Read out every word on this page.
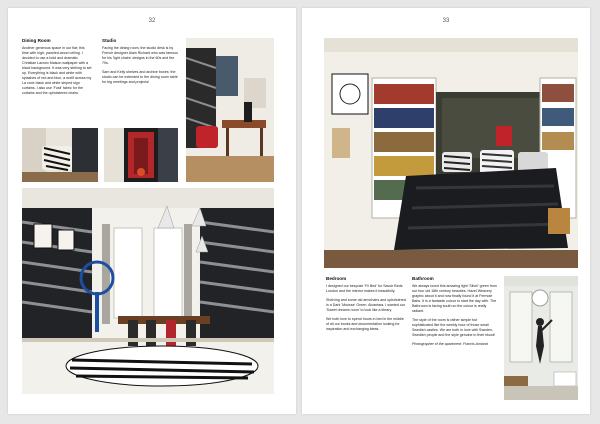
32
Dining Room

Another generous space in our flat; this time with high, paneled-wood ceiling. I decided to use a bold and dramatic Christian Lacroix Maison wallpaper with a black background. It was very striking to set up. Everything is black and white with splashes of red and blue, a motif across my La croix black and white striped sign curtains. I also use 'Fusil' fabric for the curtains and the upholstered chairs.

Studio

Facing the dining room, the studio desk is by French designer Alain Richard who was famous for his 'light chairs' designs in the 60s and the 70s.

Sam and Kelly shelves and archive boxes: the studio can be extended to the dining room table for big meetings and projects!

33
Bedroom

I designed our bespoke 'Fil Bed' for Savoir Beds London and the interior makes it beautifully.

Shelving and some old armchairs and upholstered in a Dark 'Mousse' Green. Alcantara. I wanted our 'Sweet dreams room' to look like a library.

We both love to spend hours in bed in the middle of all our books and documentation looking for inspiration and exchanging ideas.

Bathroom

We always loved this amazing light 'Silvel' green from our four old 18th century beauties. Hazel Weavery graphic about it and now finally found it at Fermoie Babs. It is a fantastic colour to start the day with. The Bathroom is facing south so the colour is really radiant.

The style of the room is rather simple but sophisticated like the weekly hour of those small Swedish castles. We are both in love with Sweden, Swedish people and the style genuine in their blood!

Photographer of the apartment: Francis Amiand
